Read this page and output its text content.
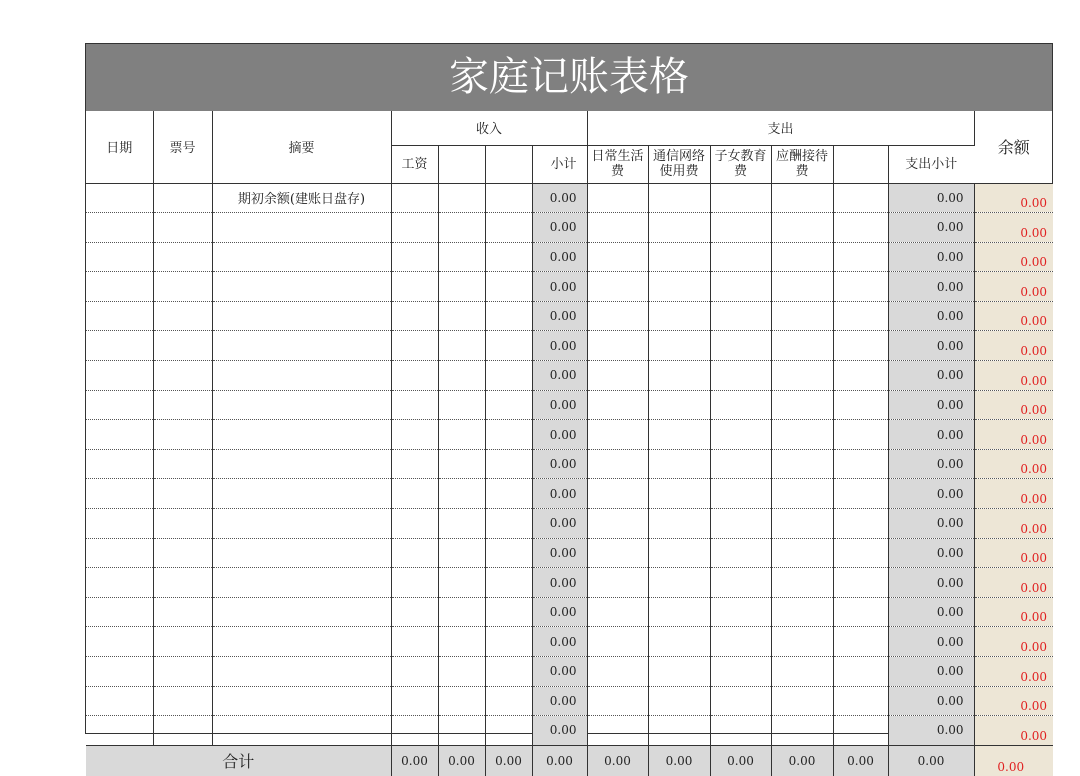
家庭记账表格
日期	票号	摘要	收入				支出						余额
			工资			小计	日常生活费	通信网络使用费	子女教育费	应酬接待费		支出小计	
		期初余额(建账日盘存)				0.00						0.00	0.00
						0.00						0.00	0.00
						0.00						0.00	0.00
						0.00						0.00	0.00
						0.00						0.00	0.00
						0.00						0.00	0.00
						0.00						0.00	0.00
						0.00						0.00	0.00
						0.00						0.00	0.00
						0.00						0.00	0.00
						0.00						0.00	0.00
						0.00						0.00	0.00
						0.00						0.00	0.00
						0.00						0.00	0.00
						0.00						0.00	0.00
						0.00						0.00	0.00
						0.00						0.00	0.00
						0.00						0.00	0.00
						0.00						0.00	0.00
合计			0.00	0.00	0.00	0.00	0.00	0.00	0.00	0.00	0.00	0.00	0.00
